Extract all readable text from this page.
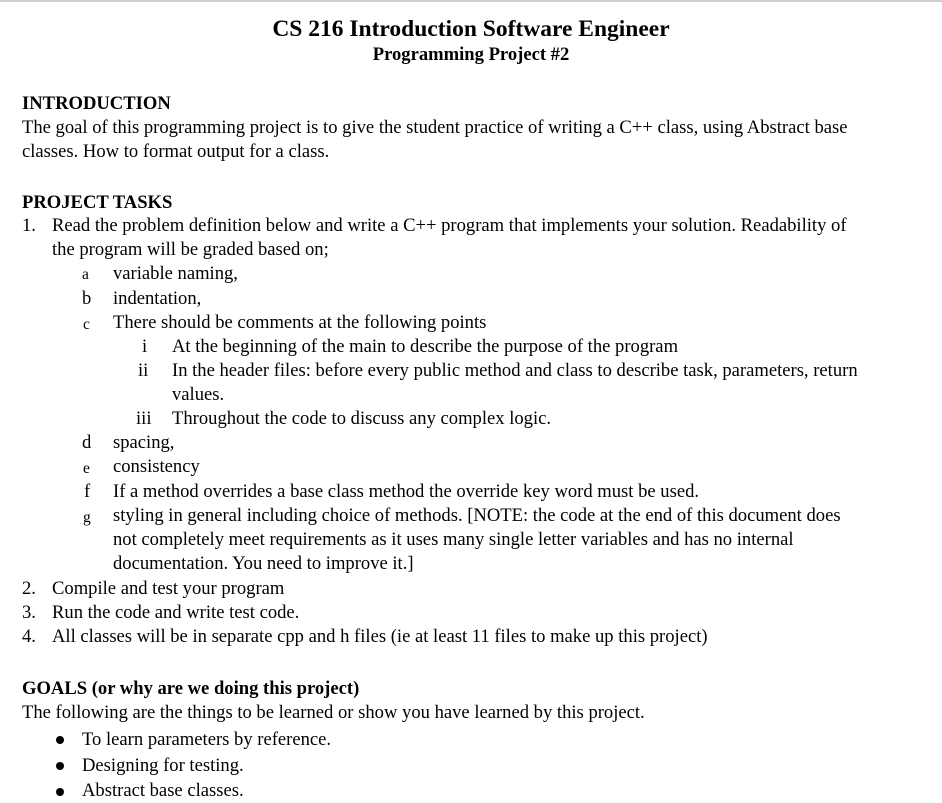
CS 216 Introduction Software Engineer
Programming Project #2
INTRODUCTION
The goal of this programming project is to give the student practice of writing a C++ class, using Abstract base
classes. How to format output for a class.
PROJECT TASKS
1. Read the problem definition below and write a C++ program that implements your solution. Readability of
the program will be graded based on;
a variable naming,
b indentation,
c There should be comments at the following points
i At the beginning of the main to describe the purpose of the program
ii In the header files: before every public method and class to describe task, parameters, return
values.
iii Throughout the code to discuss any complex logic.
d spacing,
e consistency
f If a method overrides a base class method the override key word must be used.
g styling in general including choice of methods. [NOTE: the code at the end of this document does
not completely meet requirements as it uses many single letter variables and has no internal
documentation. You need to improve it.]
2. Compile and test your program
3. Run the code and write test code.
4. All classes will be in separate cpp and h files (ie at least 11 files to make up this project)
GOALS (or why are we doing this project)
The following are the things to be learned or show you have learned by this project.
To learn parameters by reference.
Designing for testing.
Abstract base classes.
